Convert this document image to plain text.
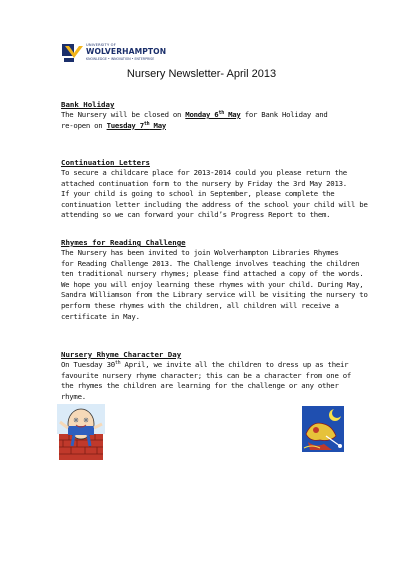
UNIVERSITY OF
WOLVERHAMPTON
KNOWLEDGE • INNOVATION • ENTERPRISE
Nursery Newsletter- April 2013
Bank Holiday
The Nursery will be closed on Monday 6th May for Bank Holiday and
re-open on Tuesday 7th May
Continuation Letters
To secure a childcare place for 2013-2014 could you please return the
attached continuation form to the nursery by Friday the 3rd May 2013.
If your child is going to school in September, please complete the
continuation letter including the address of the school your child will be
attending so we can forward your child’s Progress Report to them.
Rhymes for Reading Challenge
The Nursery has been invited to join Wolverhampton Libraries Rhymes
for Reading Challenge 2013. The Challenge involves teaching the children
ten traditional nursery rhymes; please find attached a copy of the words.
We hope you will enjoy learning these rhymes with your child. During May,
Sandra Williamson from the Library service will be visiting the nursery to
perform these rhymes with the children, all children will receive a
certificate in May.
Nursery Rhyme Character Day
On Tuesday 30th April, we invite all the children to dress up as their
favourite nursery rhyme character; this can be a character from one of
the rhymes the children are learning for the challenge or any other
rhyme.
